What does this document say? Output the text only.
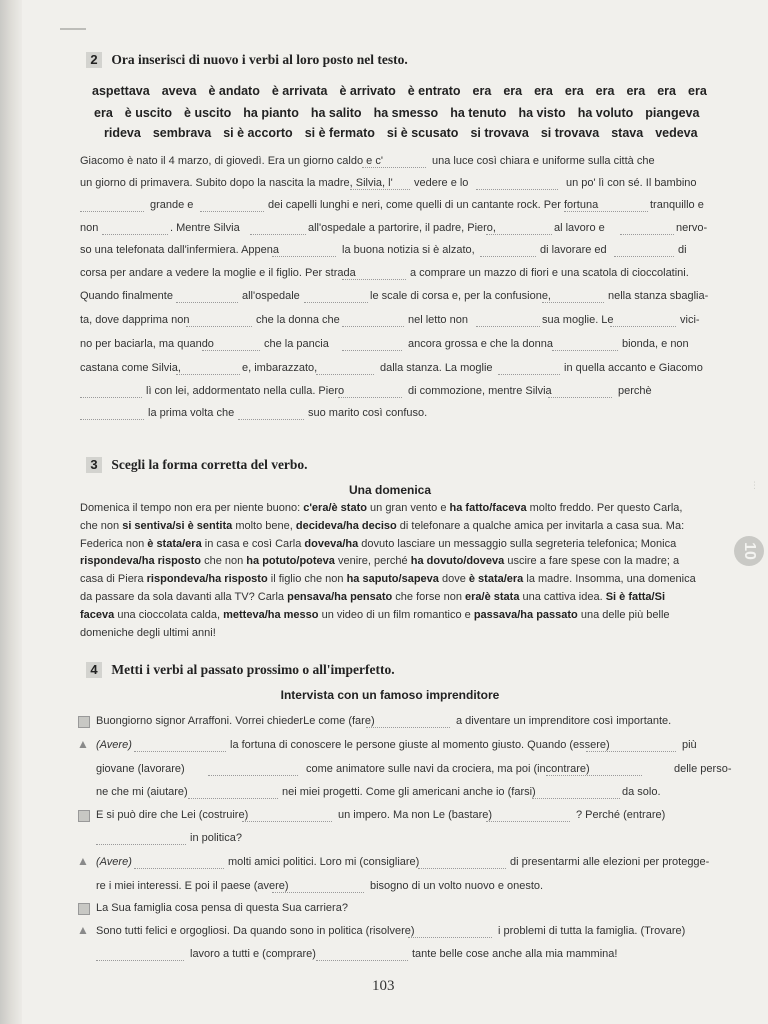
2 Ora inserisci di nuovo i verbi al loro posto nel testo.
aspettava aveva è andato è arrivata è arrivato è entrato era era era era era era era era
era è uscito è uscito ha pianto ha salito ha smesso ha tenuto ha visto ha voluto piangeva
rideva sembrava si è accorto si è fermato si è scusato si trovava si trovava stava vedeva
Giacomo è nato il 4 marzo, di giovedì. Era un giorno caldo e c'	una luce così chiara e uniforme sulla città che
un giorno di primavera. Subito dopo la nascita la madre, Silvia, l' vedere e lo	un po' lì con sé. Il bambino
grande e	dei capelli lunghi e neri, come quelli di un cantante rock. Per fortuna	tranquillo e
non	. Mentre Silvia	all'ospedale a partorire, il padre, Piero,	al lavoro e	nervo-
so una telefonata dall'infermiera. Appena	la buona notizia si è alzato,	di lavorare ed	di
corsa per andare a vedere la moglie e il figlio. Per strada	a comprare un mazzo di fiori e una scatola di cioccolatini.
Quando finalmente	all'ospedale	le scale di corsa e, per la confusione,	nella stanza sbaglia-
ta, dove dapprima non	che la donna che	nel letto non	sua moglie. Le	vici-
no per baciarla, ma quando	che la pancia	ancora grossa e che la donna	bionda, e non
castana come Silvia,	e, imbarazzato,	dalla stanza. La moglie	in quella accanto e Giacomo
lì con lei, addormentato nella culla. Piero	di commozione, mentre Silvia	perchè
la prima volta che	suo marito così confuso.
3 Scegli la forma corretta del verbo.
Una domenica
Domenica il tempo non era per niente buono: c'era/è stato un gran vento e ha fatto/faceva molto freddo. Per questo Carla, che non si sentiva/si è sentita molto bene, decideva/ha deciso di telefonare a qualche amica per invitarla a casa sua. Ma: Federica non è stata/era in casa e così Carla doveva/ha dovuto lasciare un messaggio sulla segreteria telefonica; Monica rispondeva/ha risposto che non ha potuto/poteva venire, perché ha dovuto/doveva uscire a fare spese con la madre; a casa di Piera rispondeva/ha risposto il figlio che non ha saputo/sapeva dove è stata/era la madre. Insomma, una domenica da passare da sola davanti alla TV? Carla pensava/ha pensato che forse non era/è stata una cattiva idea. Si è fatta/Si faceva una cioccolata calda, metteva/ha messo un video di un film romantico e passava/ha passato una delle più belle domeniche degli ultimi anni!
4 Metti i verbi al passato prossimo o all'imperfetto.
Intervista con un famoso imprenditore
Buongiorno signor Arraffoni. Vorrei chiederLe come (fare)	a diventare un imprenditore così importante.
▲ (Avere)	la fortuna di conoscere le persone giuste al momento giusto. Quando (essere)	più
giovane (lavorare)	come animatore sulle navi da crociera, ma poi (incontrare)	delle perso-
ne che mi (aiutare)	nei miei progetti. Come gli americani anche io (farsi)	da solo.
E si può dire che Lei (costruire)	un impero. Ma non Le (bastare)	? Perché (entrare)
in politica?
▲ (Avere)	molti amici politici. Loro mi (consigliare)	di presentarmi alle elezioni per protegge-
re i miei interessi. E poi il paese (avere)	bisogno di un volto nuovo e onesto.
La Sua famiglia cosa pensa di questa Sua carriera?
▲ Sono tutti felici e orgogliosi. Da quando sono in politica (risolvere)	i problemi di tutta la famiglia. (Trovare)
lavoro a tutti e (comprare)	tante belle cose anche alla mia mammina!
⋮
10
103
